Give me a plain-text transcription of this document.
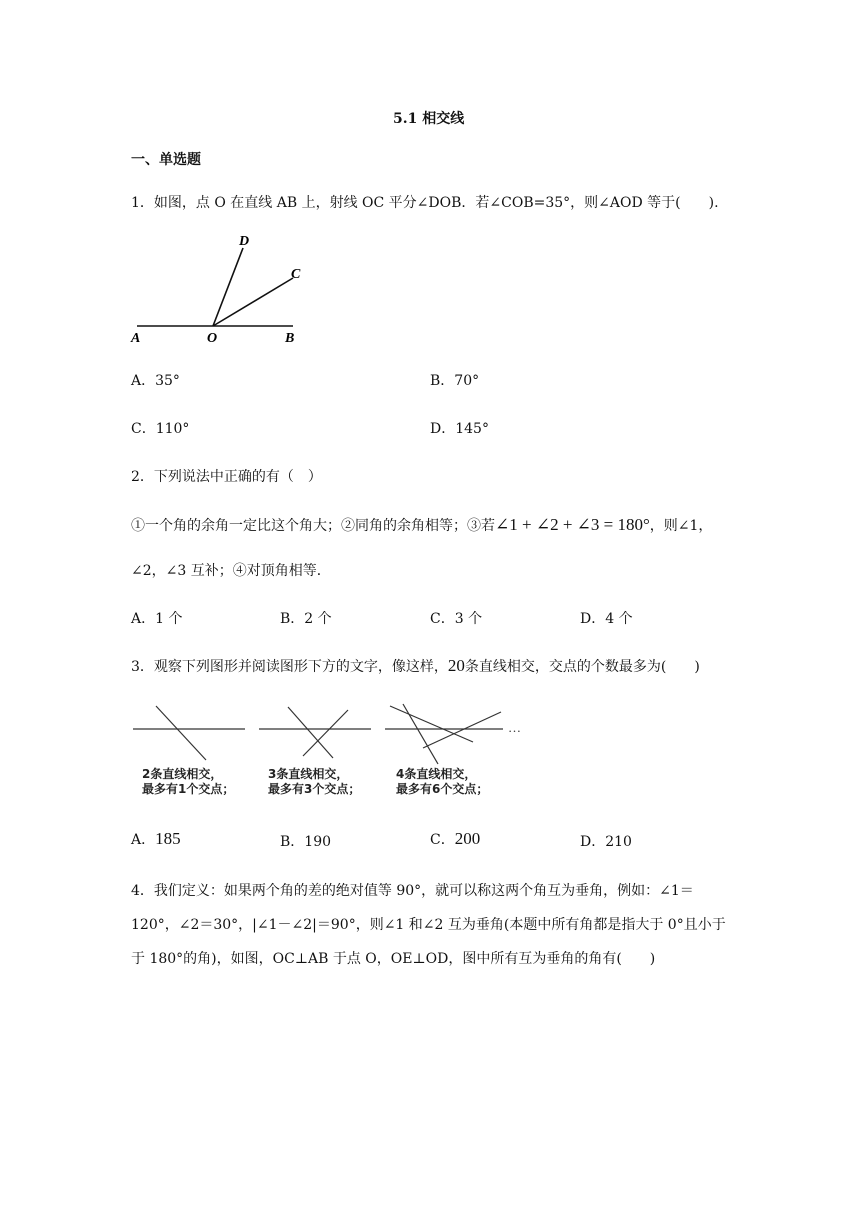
5.1 相交线
一、单选题
1．如图，点 O 在直线 AB 上，射线 OC 平分∠DOB．若∠COB=35°，则∠AOD 等于(　　).
A	O	B
C
D
A．35°	B．70°
C．110°	D．145°
2．下列说法中正确的有（　）
①一个角的余角一定比这个角大；②同角的余角相等；③若∠1 + ∠2 + ∠3 = 180°，则∠1，
∠2，∠3 互补；④对顶角相等．
A．1 个	B．2 个	C．3 个	D．4 个
3．观察下列图形并阅读图形下方的文字，像这样，20条直线相交，交点的个数最多为(　　)
2条直线相交，
最多有1个交点；
3条直线相交，
最多有3个交点；
…
4条直线相交，
最多有6个交点；
A．185	B．190	C．200	D．210
4．我们定义：如果两个角的差的绝对值等 90°，就可以称这两个角互为垂角，例如：∠1＝
120°，∠2＝30°，|∠1－∠2|＝90°，则∠1 和∠2 互为垂角(本题中所有角都是指大于 0°且小于
于 180°的角)，如图，OC⊥AB 于点 O，OE⊥OD，图中所有互为垂角的角有(　　)
